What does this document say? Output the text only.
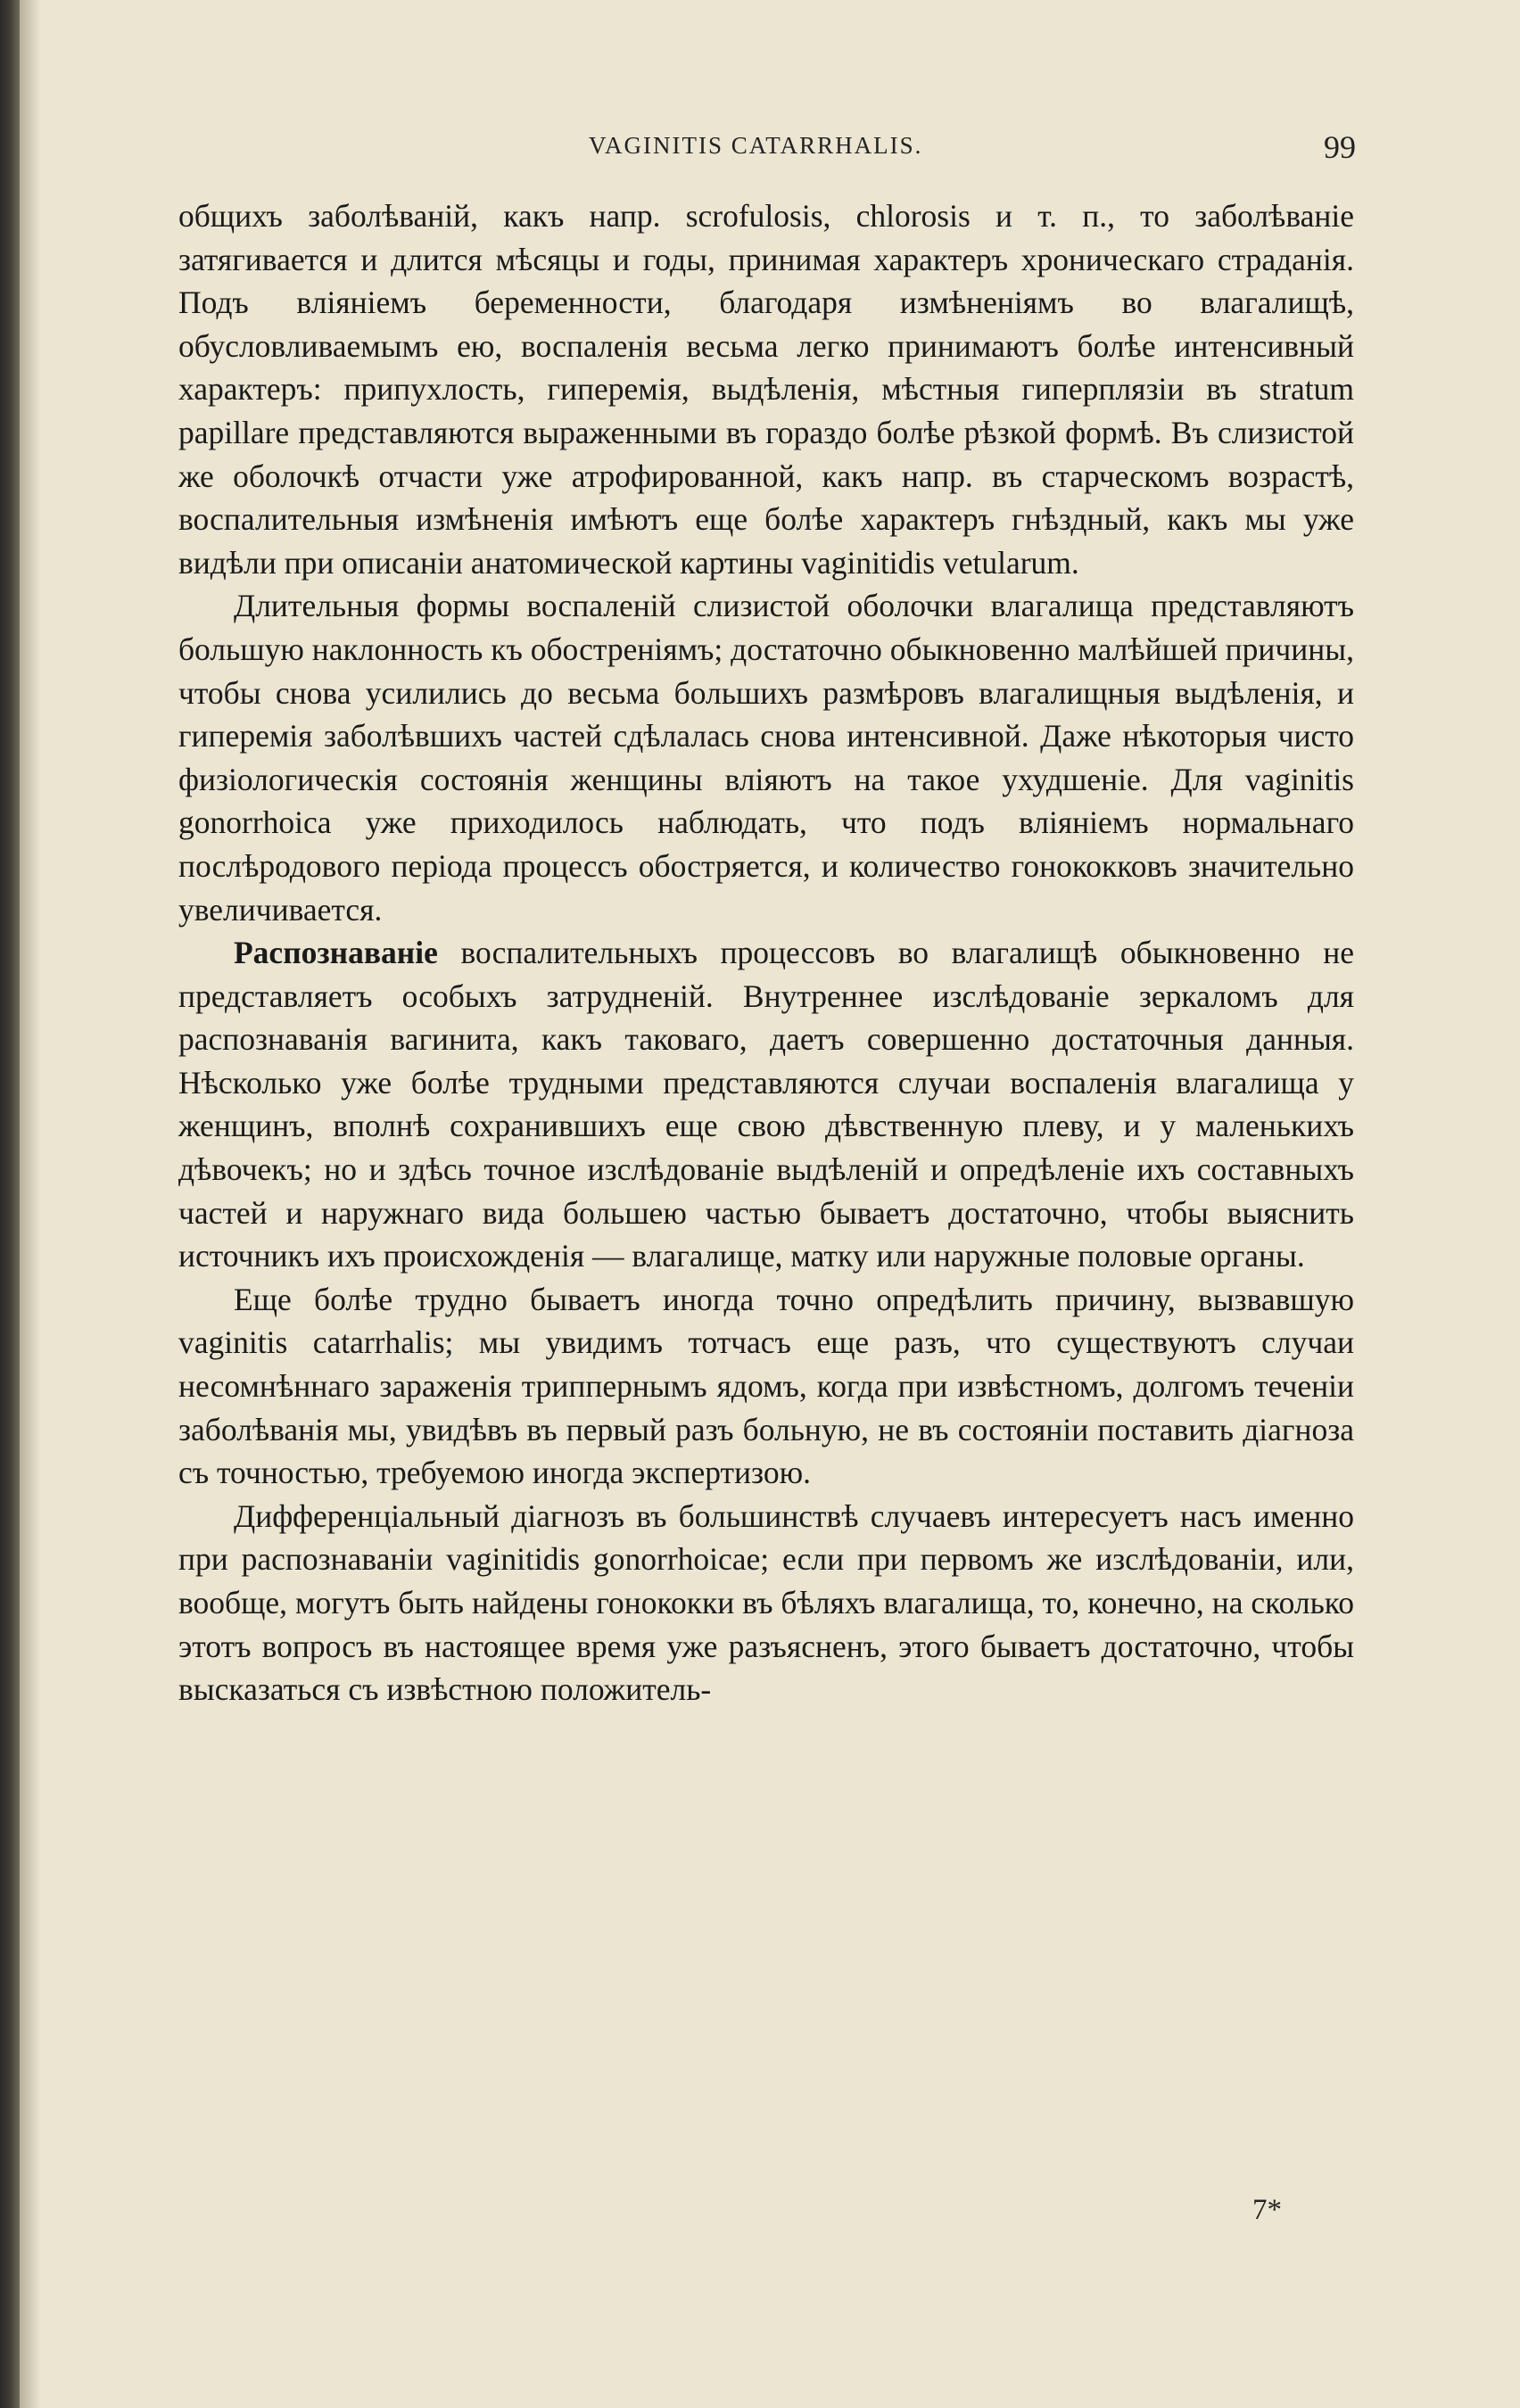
VAGINITIS CATARRHALIS.	99

общихъ заболѣваній, какъ напр. scrofulosis, chlorosis и т. п., то заболѣваніе затягивается и длится мѣсяцы и годы, принимая характеръ хроническаго страданія. Подъ вліяніемъ беременности, благодаря измѣненіямъ во влагалищѣ, обусловливаемымъ ею, воспаленія весьма легко принимаютъ болѣе интенсивный характеръ: припухлость, гиперемія, выдѣленія, мѣстныя гиперплязіи въ stratum papillare представляются выраженными въ гораздо болѣе рѣзкой формѣ. Въ слизистой же оболочкѣ отчасти уже атрофированной, какъ напр. въ старческомъ возрастѣ, воспалительныя измѣненія имѣютъ еще болѣе характеръ гнѣздный, какъ мы уже видѣли при описаніи анатомической картины vaginitidis vetularum.

Длительныя формы воспаленій слизистой оболочки влагалища представляютъ большую наклонность къ обостреніямъ; достаточно обыкновенно малѣйшей причины, чтобы снова усилились до весьма большихъ размѣровъ влагалищныя выдѣленія, и гиперемія заболѣвшихъ частей сдѣлалась снова интенсивной. Даже нѣкоторыя чисто физіологическія состоянія женщины вліяютъ на такое ухудшеніе. Для vaginitis gonorrhoica уже приходилось наблюдать, что подъ вліяніемъ нормальнаго послѣродового періода процессъ обостряется, и количество гонококковъ значительно увеличивается.

Распознаваніе воспалительныхъ процессовъ во влагалищѣ обыкновенно не представляетъ особыхъ затрудненій. Внутреннее изслѣдованіе зеркаломъ для распознаванія вагинита, какъ таковаго, даетъ совершенно достаточныя данныя. Нѣсколько уже болѣе трудными представляются случаи воспаленія влагалища у женщинъ, вполнѣ сохранившихъ еще свою дѣвственную плеву, и у маленькихъ дѣвочекъ; но и здѣсь точное изслѣдованіе выдѣленій и опредѣленіе ихъ составныхъ частей и наружнаго вида большею частью бываетъ достаточно, чтобы выяснить источникъ ихъ происхожденія — влагалище, матку или наружные половые органы.

Еще болѣе трудно бываетъ иногда точно опредѣлить причину, вызвавшую vaginitis catarrhalis; мы увидимъ тотчасъ еще разъ, что существуютъ случаи несомнѣннаго зараженія триппернымъ ядомъ, когда при извѣстномъ, долгомъ теченіи заболѣванія мы, увидѣвъ въ первый разъ больную, не въ состояніи поставить діагноза съ точностью, требуемою иногда экспертизою.

Дифференціальный діагнозъ въ большинствѣ случаевъ интересуетъ насъ именно при распознаваніи vaginitidis gonorrhoicae; если при первомъ же изслѣдованіи, или, вообще, могутъ быть найдены гонококки въ бѣляхъ влагалища, то, конечно, на сколько этотъ вопросъ въ настоящее время уже разъясненъ, этого бываетъ достаточно, чтобы высказаться съ извѣстною положитель-

7*
